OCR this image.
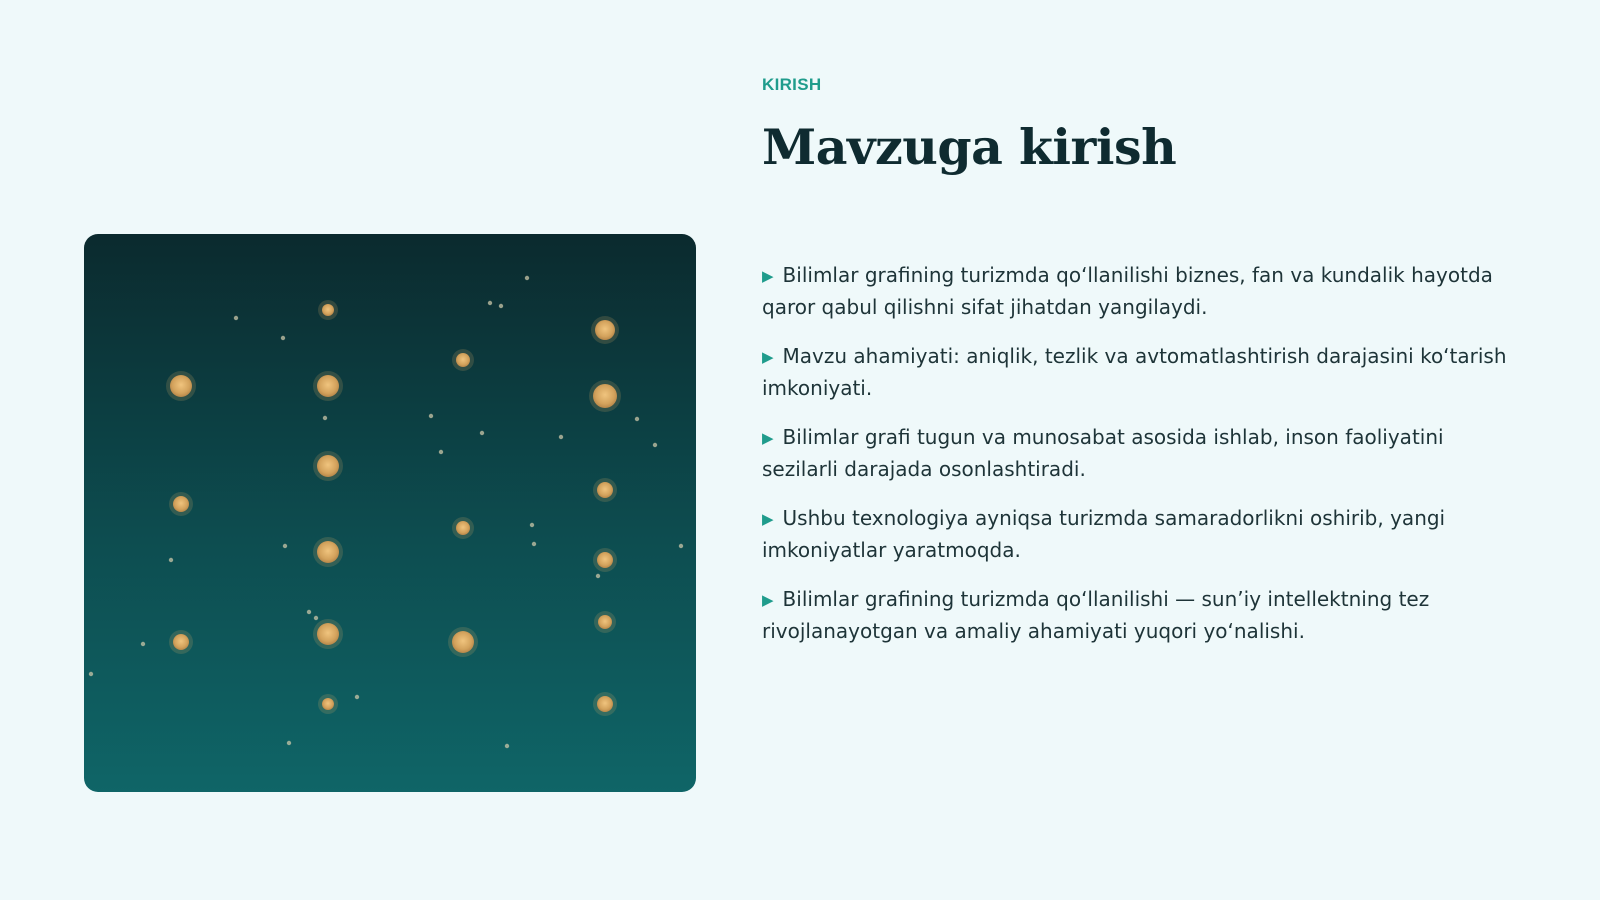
KIRISH
Mavzuga kirish
▶ Bilimlar grafining turizmda qo‘llanilishi biznes, fan va kundalik hayotda qaror qabul qilishni sifat jihatdan yangilaydi.
▶ Mavzu ahamiyati: aniqlik, tezlik va avtomatlashtirish darajasini ko‘tarish imkoniyati.
▶ Bilimlar grafi tugun va munosabat asosida ishlab, inson faoliyatini sezilarli darajada osonlashtiradi.
▶ Ushbu texnologiya ayniqsa turizmda samaradorlikni oshirib, yangi imkoniyatlar yaratmoqda.
▶ Bilimlar grafining turizmda qo‘llanilishi — sun’iy intellektning tez rivojlanayotgan va amaliy ahamiyati yuqori yo‘nalishi.
